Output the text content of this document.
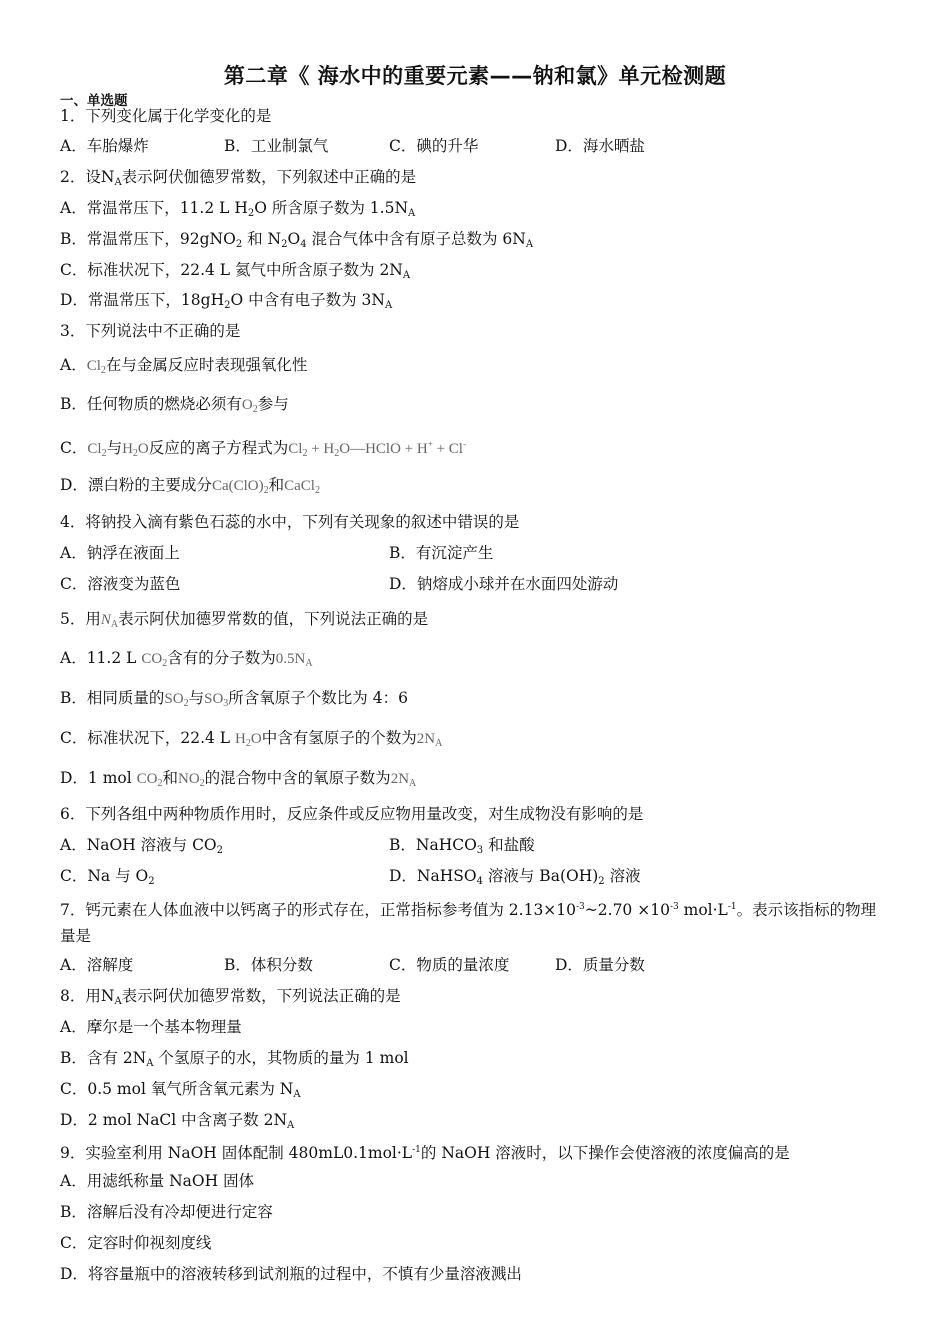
第二章《 海水中的重要元素——钠和氯》单元检测题
一、单选题
1．下列变化属于化学变化的是
A．车胎爆炸	B．工业制氯气	C．碘的升华	D．海水晒盐
2．设$N_A$表示阿伏伽德罗常数，下列叙述中正确的是
A．常温常压下，11.2 L $H_2O$ 所含原子数为 $1.5N_A$
B．常温常压下，92gNO$_2$ 和 $N_2O_4$ 混合气体中含有原子总数为 $6N_A$
C．标准状况下，22.4 L 氦气中所含原子数为 $2N_A$
D．常温常压下，$18gH_2O$ 中含有电子数为 $3N_A$
3．下列说法中不正确的是
A．$Cl_2$在与金属反应时表现强氧化性
B．任何物质的燃烧必须有$O_2$参与
C．$Cl_2$与$H_2O$反应的离子方程式为$Cl_2$ + $H_2O—HClO + H^+ + Cl^-$
D．漂白粉的主要成分$Ca(ClO)_2$和CaCl$_2$
4．将钠投入滴有紫色石蕊的水中，下列有关现象的叙述中错误的是
A．钠浮在液面上	B．有沉淀产生
C．溶液变为蓝色	D．钠熔成小球并在水面四处游动
5．用$N_A$表示阿伏加德罗常数的值，下列说法正确的是
A．11.2 L $CO_2$含有的分子数为$0.5N_A$
B．相同质量的$SO_2$与$SO_3$所含氧原子个数比为 4：6
C．标准状况下，22.4 L $H_2O$中含有氢原子的个数为$2N_A$
D．1 mol $CO_2$和$NO_2$的混合物中含的氧原子数为$2N_A$
6．下列各组中两种物质作用时，反应条件或反应物用量改变，对生成物没有影响的是
A．NaOH 溶液与 $CO_2$	B．NaHCO$_3$ 和盐酸
C．Na 与 $O_2$	D．NaHSO$_4$ 溶液与 $Ba(OH)_2$ 溶液
7．钙元素在人体血液中以钙离子的形式存在，正常指标参考值为 $2.13\times 10^{-3}\sim 2.70 \times 10^{-3}$ $mol\cdot L^{-1}$。表示该指标的物理
量是
A．溶解度	B．体积分数	C．物质的量浓度	D．质量分数
8．用$N_A$表示阿伏加德罗常数，下列说法正确的是
A．摩尔是一个基本物理量
B．含有 $2N_A$ 个氢原子的水，其物质的量为 1 mol
C．0.5 mol 氧气所含氧元素为 $N_A$
D．2 mol NaCl 中含离子数 $2N_A$
9．实验室利用 NaOH 固体配制 $480mL0.1mol\cdot L^{-1}$的 NaOH 溶液时，以下操作会使溶液的浓度偏高的是
A．用滤纸称量 NaOH 固体
B．溶解后没有冷却便进行定容
C．定容时仰视刻度线
D．将容量瓶中的溶液转移到试剂瓶的过程中，不慎有少量溶液溅出
